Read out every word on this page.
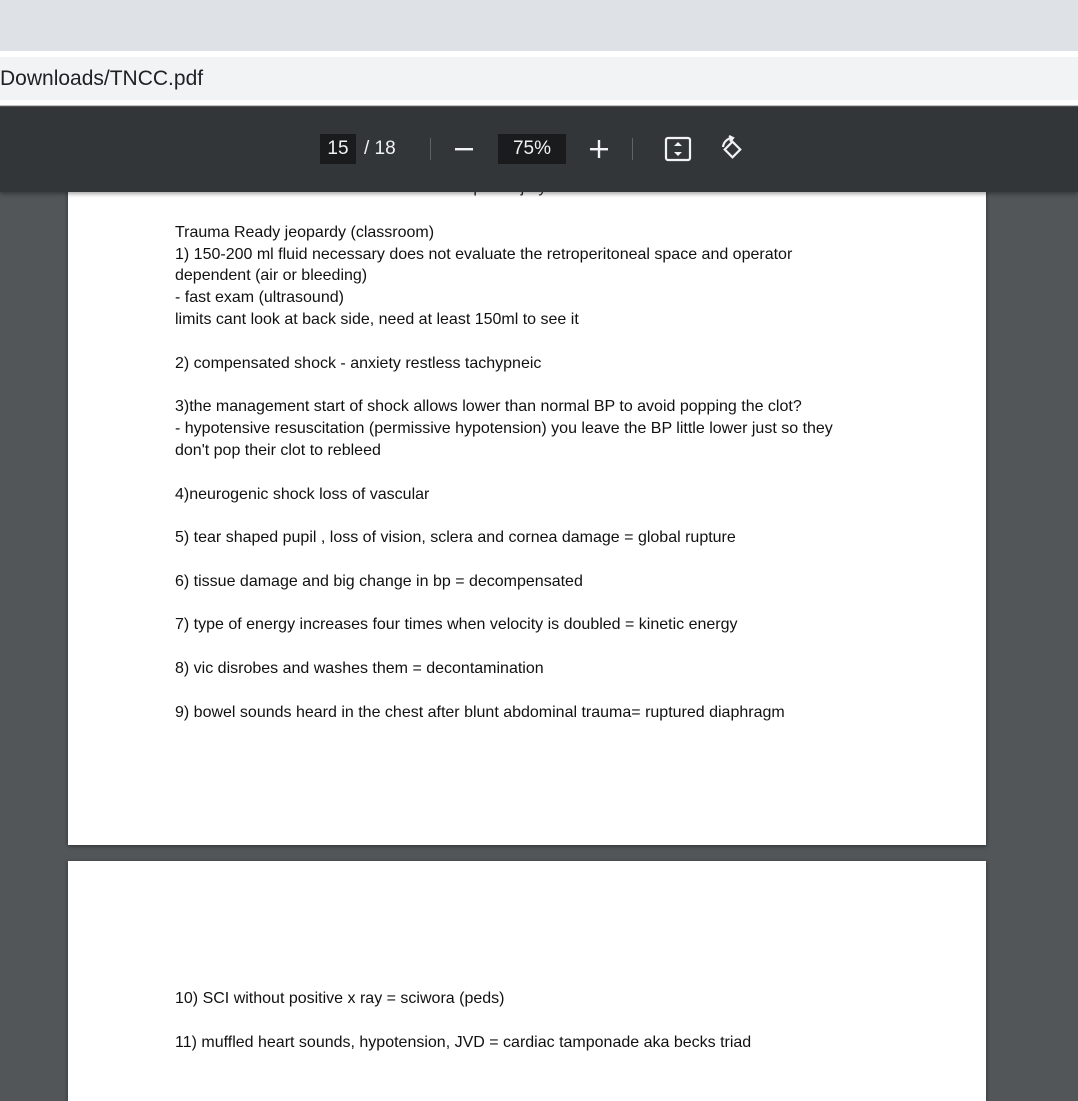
Downloads/TNCC.pdf
15 / 18	75%
Trauma Ready jeopardy (classroom)
1) 150-200 ml fluid necessary does not evaluate the retroperitoneal space and operator
dependent (air or bleeding)
- fast exam (ultrasound)
limits cant look at back side, need at least 150ml to see it
2) compensated shock - anxiety restless tachypneic
3)the management start of shock allows lower than normal BP to avoid popping the clot?
- hypotensive resuscitation (permissive hypotension) you leave the BP little lower just so they
don't pop their clot to rebleed
4)neurogenic shock loss of vascular
5) tear shaped pupil , loss of vision, sclera and cornea damage = global rupture
6) tissue damage and big change in bp = decompensated
7) type of energy increases four times when velocity is doubled = kinetic energy
8) vic disrobes and washes them = decontamination
9) bowel sounds heard in the chest after blunt abdominal trauma= ruptured diaphragm
10) SCI without positive x ray = sciwora (peds)
11) muffled heart sounds, hypotension, JVD = cardiac tamponade aka becks triad
